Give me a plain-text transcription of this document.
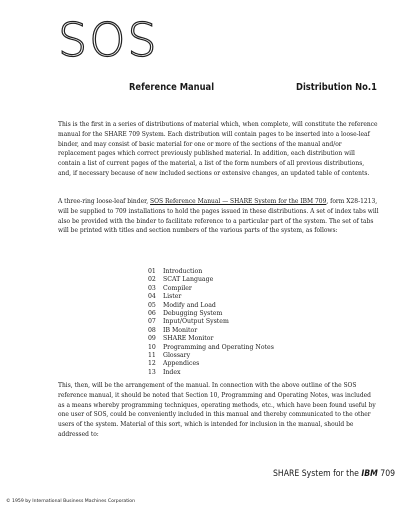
SOS
Reference Manual	Distribution No.1

This is the first in a series of distributions of material which, when complete, will constitute the reference manual for the SHARE 709 System. Each distribution will contain pages to be inserted into a loose-leaf binder, and may consist of basic material for one or more of the sections of the manual and/or replacement pages which correct previously published material. In addition, each distribution will contain a list of current pages of the material, a list of the form numbers of all previous distributions, and, if necessary because of new included sections or extensive changes, an updated table of contents.

A three-ring loose-leaf binder, SOS Reference Manual — SHARE System for the IBM 709, form X28-1213, will be supplied to 709 installations to hold the pages issued in these distributions. A set of index tabs will also be provided with the binder to facilitate reference to a particular part of the system. The set of tabs will be printed with titles and section numbers of the various parts of the system, as follows:

01 Introduction
02 SCAT Language
03 Compiler
04 Lister
05 Modify and Load
06 Debugging System
07 Input/Output System
08 IB Monitor
09 SHARE Monitor
10 Programming and Operating Notes
11 Glossary
12 Appendices
13 Index

This, then, will be the arrangement of the manual. In connection with the above outline of the SOS reference manual, it should be noted that Section 10, Programming and Operating Notes, was included as a means whereby programming techniques, operating methods, etc., which have been found useful by one user of SOS, could be conveniently included in this manual and thereby communicated to the other users of the system. Material of this sort, which is intended for inclusion in the manual, should be addressed to:

SHARE System for the IBM 709
© 1959 by International Business Machines Corporation
